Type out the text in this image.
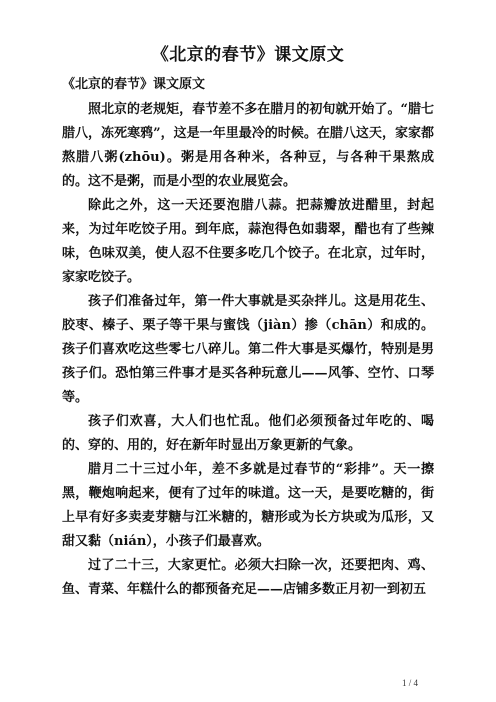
《北京的春节》课文原文
《北京的春节》课文原文

照北京的老规矩，春节差不多在腊月的初旬就开始了。“腊七腊八，冻死寒鸦”，这是一年里最冷的时候。在腊八这天，家家都熬腊八粥(zhōu)。粥是用各种米，各种豆，与各种干果熬成的。这不是粥，而是小型的农业展览会。

除此之外，这一天还要泡腊八蒜。把蒜瓣放进醋里，封起来，为过年吃饺子用。到年底，蒜泡得色如翡翠，醋也有了些辣味，色味双美，使人忍不住要多吃几个饺子。在北京，过年时，家家吃饺子。

孩子们准备过年，第一件大事就是买杂拌儿。这是用花生、胶枣、榛子、栗子等干果与蜜饯（jiàn）掺（chān）和成的。孩子们喜欢吃这些零七八碎儿。第二件大事是买爆竹，特别是男孩子们。恐怕第三件事才是买各种玩意儿——风筝、空竹、口琴等。

孩子们欢喜，大人们也忙乱。他们必须预备过年吃的、喝的、穿的、用的，好在新年时显出万象更新的气象。

腊月二十三过小年，差不多就是过春节的“彩排”。天一擦黑，鞭炮响起来，便有了过年的味道。这一天，是要吃糖的，街上早有好多卖麦芽糖与江米糖的，糖形或为长方块或为瓜形，又甜又黏（nián），小孩子们最喜欢。

过了二十三，大家更忙。必须大扫除一次，还要把肉、鸡、鱼、青菜、年糕什么的都预备充足——店铺多数正月初一到初五

1 / 4
